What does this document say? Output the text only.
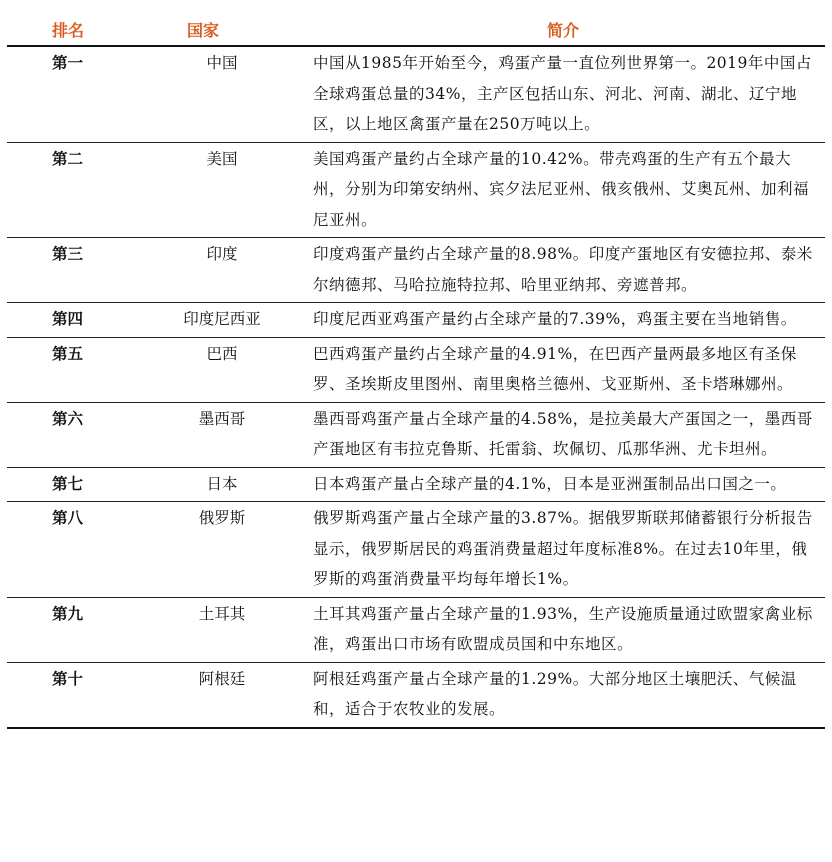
排名	国家	简介
第一	中国	中国从1985年开始至今，鸡蛋产量一直位列世界第一。2019年中国占全球鸡蛋总量的34%，主产区包括山东、河北、河南、湖北、辽宁地区，以上地区禽蛋产量在250万吨以上。
第二	美国	美国鸡蛋产量约占全球产量的10.42%。带壳鸡蛋的生产有五个最大州，分别为印第安纳州、宾夕法尼亚州、俄亥俄州、艾奥瓦州、加利福尼亚州。
第三	印度	印度鸡蛋产量约占全球产量的8.98%。印度产蛋地区有安德拉邦、泰米尔纳德邦、马哈拉施特拉邦、哈里亚纳邦、旁遮普邦。
第四	印度尼西亚	印度尼西亚鸡蛋产量约占全球产量的7.39%，鸡蛋主要在当地销售。
第五	巴西	巴西鸡蛋产量约占全球产量的4.91%，在巴西产量两最多地区有圣保罗、圣埃斯皮里图州、南里奥格兰德州、戈亚斯州、圣卡塔琳娜州。
第六	墨西哥	墨西哥鸡蛋产量占全球产量的4.58%，是拉美最大产蛋国之一，墨西哥产蛋地区有韦拉克鲁斯、托雷翁、坎佩切、瓜那华洲、尤卡坦州。
第七	日本	日本鸡蛋产量占全球产量的4.1%，日本是亚洲蛋制品出口国之一。
第八	俄罗斯	俄罗斯鸡蛋产量占全球产量的3.87%。据俄罗斯联邦储蓄银行分析报告显示，俄罗斯居民的鸡蛋消费量超过年度标准8%。在过去10年里，俄罗斯的鸡蛋消费量平均每年增长1%。
第九	土耳其	土耳其鸡蛋产量占全球产量的1.93%，生产设施质量通过欧盟家禽业标准，鸡蛋出口市场有欧盟成员国和中东地区。
第十	阿根廷	阿根廷鸡蛋产量占全球产量的1.29%。大部分地区土壤肥沃、气候温和，适合于农牧业的发展。
